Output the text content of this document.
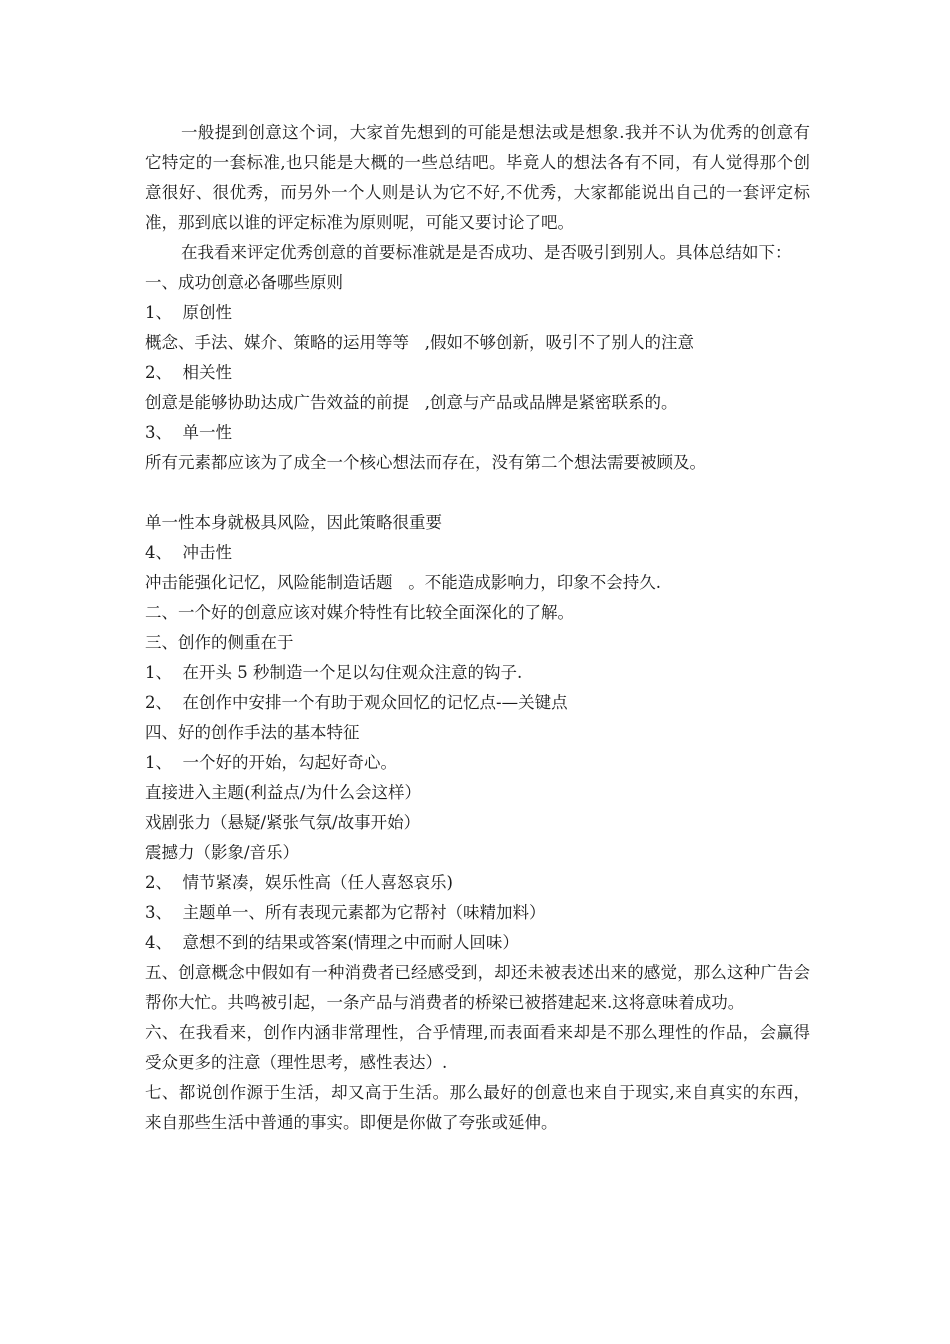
一般提到创意这个词，大家首先想到的可能是想法或是想象.我并不认为优秀的创意有它特定的一套标准,也只能是大概的一些总结吧。毕竟人的想法各有不同，有人觉得那个创意很好、很优秀，而另外一个人则是认为它不好,不优秀，大家都能说出自己的一套评定标准，那到底以谁的评定标准为原则呢，可能又要讨论了吧。

在我看来评定优秀创意的首要标准就是是否成功、是否吸引到别人。具体总结如下：

一、成功创意必备哪些原则

1、  原创性

概念、手法、媒介、策略的运用等等   ,假如不够创新，吸引不了别人的注意

2、  相关性

创意是能够协助达成广告效益的前提   ,创意与产品或品牌是紧密联系的。

3、  单一性

所有元素都应该为了成全一个核心想法而存在，没有第二个想法需要被顾及。

单一性本身就极具风险，因此策略很重要

4、  冲击性

冲击能强化记忆，风险能制造话题   。不能造成影响力，印象不会持久.

二、一个好的创意应该对媒介特性有比较全面深化的了解。

三、创作的侧重在于

1、  在开头 5 秒制造一个足以勾住观众注意的钩子.

2、  在创作中安排一个有助于观众回忆的记忆点-—关键点

四、好的创作手法的基本特征

1、  一个好的开始，勾起好奇心。

直接进入主题(利益点/为什么会这样）

戏剧张力（悬疑/紧张气氛/故事开始）

震撼力（影象/音乐）

2、  情节紧凑，娱乐性高（任人喜怒哀乐)

3、  主题单一、所有表现元素都为它帮衬（味精加料）

4、  意想不到的结果或答案(情理之中而耐人回味）

五、创意概念中假如有一种消费者已经感受到，却还未被表述出来的感觉，那么这种广告会帮你大忙。共鸣被引起，一条产品与消费者的桥梁已被搭建起来.这将意味着成功。

六、在我看来，创作内涵非常理性，合乎情理,而表面看来却是不那么理性的作品，会赢得受众更多的注意（理性思考，感性表达）.

七、都说创作源于生活，却又高于生活。那么最好的创意也来自于现实,来自真实的东西，来自那些生活中普通的事实。即便是你做了夸张或延伸。
